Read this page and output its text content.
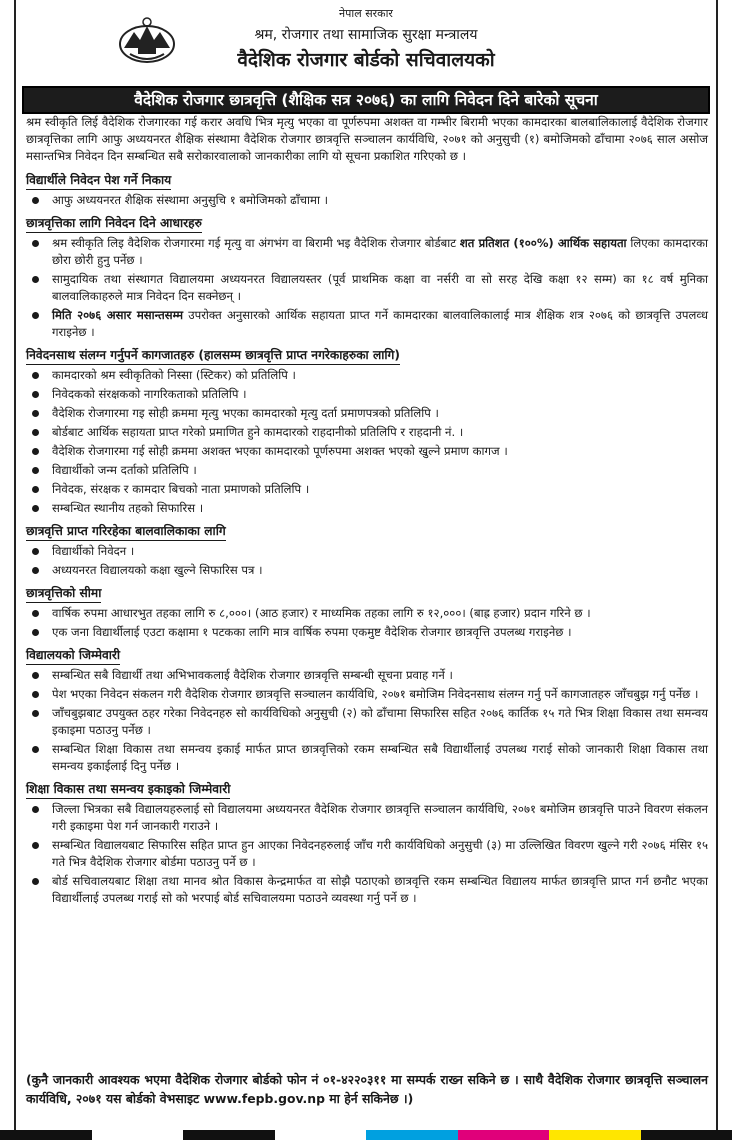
नेपाल सरकार
श्रम, रोजगार तथा सामाजिक सुरक्षा मन्त्रालय
वैदेशिक रोजगार बोर्डको सचिवालयको
वैदेशिक रोजगार छात्रवृत्ति (शैक्षिक सत्र २०७६) का लागि निवेदन दिने बारेको सूचना

श्रम स्वीकृति लिई वैदेशिक रोजगारका गई करार अवधि भित्र मृत्यु भएका वा पूर्णरुपमा अशक्त वा गम्भीर बिरामी भएका कामदारका बालबालिकालाई वैदेशिक रोजगार छात्रवृत्तिका लागि आफु अध्ययनरत शैक्षिक संस्थामा वैदेशिक रोजगार छात्रवृत्ति सञ्चालन कार्यविधि, २०७१ को अनुसुची (१) बमोजिमको ढाँचामा २०७६ साल असोज मसान्तभित्र निवेदन दिन सम्बन्धित सबै सरोकारवालाको जानकारीका लागि यो सूचना प्रकाशित गरिएको छ ।

विद्यार्थीले निवेदन पेश गर्ने निकाय
आफु अध्ययनरत शैक्षिक संस्थामा अनुसुचि १ बमोजिमको ढाँचामा ।
छात्रवृत्तिका लागि निवेदन दिने आधारहरु
श्रम स्वीकृति लिइ वैदेशिक रोजगारमा गई मृत्यु वा अंगभंग वा बिरामी भइ वैदेशिक रोजगार बोर्डबाट शत प्रतिशत (१००%) आर्थिक सहायता लिएका कामदारका छोरा छोरी हुनु पर्नेछ ।
सामुदायिक तथा संस्थागत विद्यालयमा अध्ययनरत विद्यालयस्तर (पूर्व प्राथमिक कक्षा वा नर्सरी वा सो सरह देखि कक्षा १२ सम्म) का १८ वर्ष मुनिका बालवालिकाहरुले मात्र निवेदन दिन सक्नेछन् ।
मिति २०७६ असार मसान्तसम्म उपरोक्त अनुसारको आर्थिक सहायता प्राप्त गर्ने कामदारका बालवालिकालाई मात्र शैक्षिक शत्र २०७६ को छात्रवृत्ति उपलव्ध गराइनेछ ।
निवेदनसाथ संलग्न गर्नुपर्ने कागजातहरु (हालसम्म छात्रवृत्ति प्राप्त नगरेकाहरुका लागि)
कामदारको श्रम स्वीकृतिको निस्सा (स्टिकर) को प्रतिलिपि ।
निवेदकको संरक्षकको नागरिकताको प्रतिलिपि ।
वैदेशिक रोजगारमा गइ सोही क्रममा मृत्यु भएका कामदारको मृत्यु दर्ता प्रमाणपत्रको प्रतिलिपि ।
बोर्डबाट आर्थिक सहायता प्राप्त गरेको प्रमाणित हुने कामदारको राहदानीको प्रतिलिपि र राहदानी नं. ।
वैदेशिक रोजगारमा गई सोही क्रममा अशक्त भएका कामदारको पूर्णरुपमा अशक्त भएको खुल्ने प्रमाण कागज ।
विद्यार्थीको जन्म दर्ताको प्रतिलिपि ।
निवेदक, संरक्षक र कामदार बिचको नाता प्रमाणको प्रतिलिपि ।
सम्बन्धित स्थानीय तहको सिफारिस ।
छात्रवृत्ति प्राप्त गरिरहेका बालवालिकाका लागि
विद्यार्थीको निवेदन ।
अध्ययनरत विद्यालयको कक्षा खुल्ने सिफारिस पत्र ।
छात्रवृत्तिको सीमा
वार्षिक रुपमा आधारभुत तहका लागि रु ८,०००। (आठ हजार) र माध्यमिक तहका लागि रु १२,०००। (बाह्र हजार) प्रदान गरिने छ ।
एक जना विद्यार्थीलाई एउटा कक्षामा १ पटकका लागि मात्र वार्षिक रुपमा एकमुष्ट वैदेशिक रोजगार छात्रवृत्ति उपलब्ध गराइनेछ ।
विद्यालयको जिम्मेवारी
सम्बन्धित सबै विद्यार्थी तथा अभिभावकलाई वैदेशिक रोजगार छात्रवृत्ति सम्बन्धी सूचना प्रवाह गर्ने ।
पेश भएका निवेदन संकलन गरी वैदेशिक रोजगार छात्रवृत्ति सञ्चालन कार्यविधि, २०७१ बमोजिम निवेदनसाथ संलग्न गर्नु पर्ने कागजातहरु जाँचबुझ गर्नु पर्नेछ ।
जाँचबुझबाट उपयुक्त ठहर गरेका निवेदनहरु सो कार्यविधिको अनुसुची (२) को ढाँचामा सिफारिस सहित २०७६ कार्तिक १५ गते भित्र शिक्षा विकास तथा समन्वय इकाइमा पठाउनु पर्नेछ ।
सम्बन्धित शिक्षा विकास तथा समन्वय इकाई मार्फत प्राप्त छात्रवृत्तिको रकम सम्बन्धित सबै विद्यार्थीलाई उपलब्ध गराई सोको जानकारी शिक्षा विकास तथा समन्वय इकाईलाई दिनु पर्नेछ ।
शिक्षा विकास तथा समन्वय इकाइको जिम्मेवारी
जिल्ला भित्रका सबै विद्यालयहरुलाई सो विद्यालयमा अध्ययनरत वैदेशिक रोजगार छात्रवृत्ति सञ्चालन कार्यविधि, २०७१ बमोजिम छात्रवृत्ति पाउने विवरण संकलन गरी इकाइमा पेश गर्न जानकारी गराउने ।
सम्बन्धित विद्यालयबाट सिफारिस सहित प्राप्त हुन आएका निवेदनहरुलाई जाँच गरी कार्यविधिको अनुसुची (३) मा उल्लिखित विवरण खुल्ने गरी २०७६ मंसिर १५ गते भित्र वैदेशिक रोजगार बोर्डमा पठाउनु पर्ने छ ।
बोर्ड सचिवालयबाट शिक्षा तथा मानव श्रोत विकास केन्द्रमार्फत वा सोझै पठाएको छात्रवृत्ति रकम सम्बन्धित विद्यालय मार्फत छात्रवृत्ति प्राप्त गर्न छनौट भएका विद्यार्थीलाई उपलब्ध गराई सो को भरपाई बोर्ड सचिवालयमा पठाउने व्यवस्था गर्नु पर्ने छ ।
(कुनै जानकारी आवश्यक भएमा वैदेशिक रोजगार बोर्डको फोन नं ०१-४२२०३११ मा सम्पर्क राख्न सकिने छ । साथै वैदेशिक रोजगार छात्रवृत्ति सञ्चालन कार्यविधि, २०७१ यस बोर्डको वेभसाइट www.fepb.gov.np मा हेर्न सकिनेछ ।)
